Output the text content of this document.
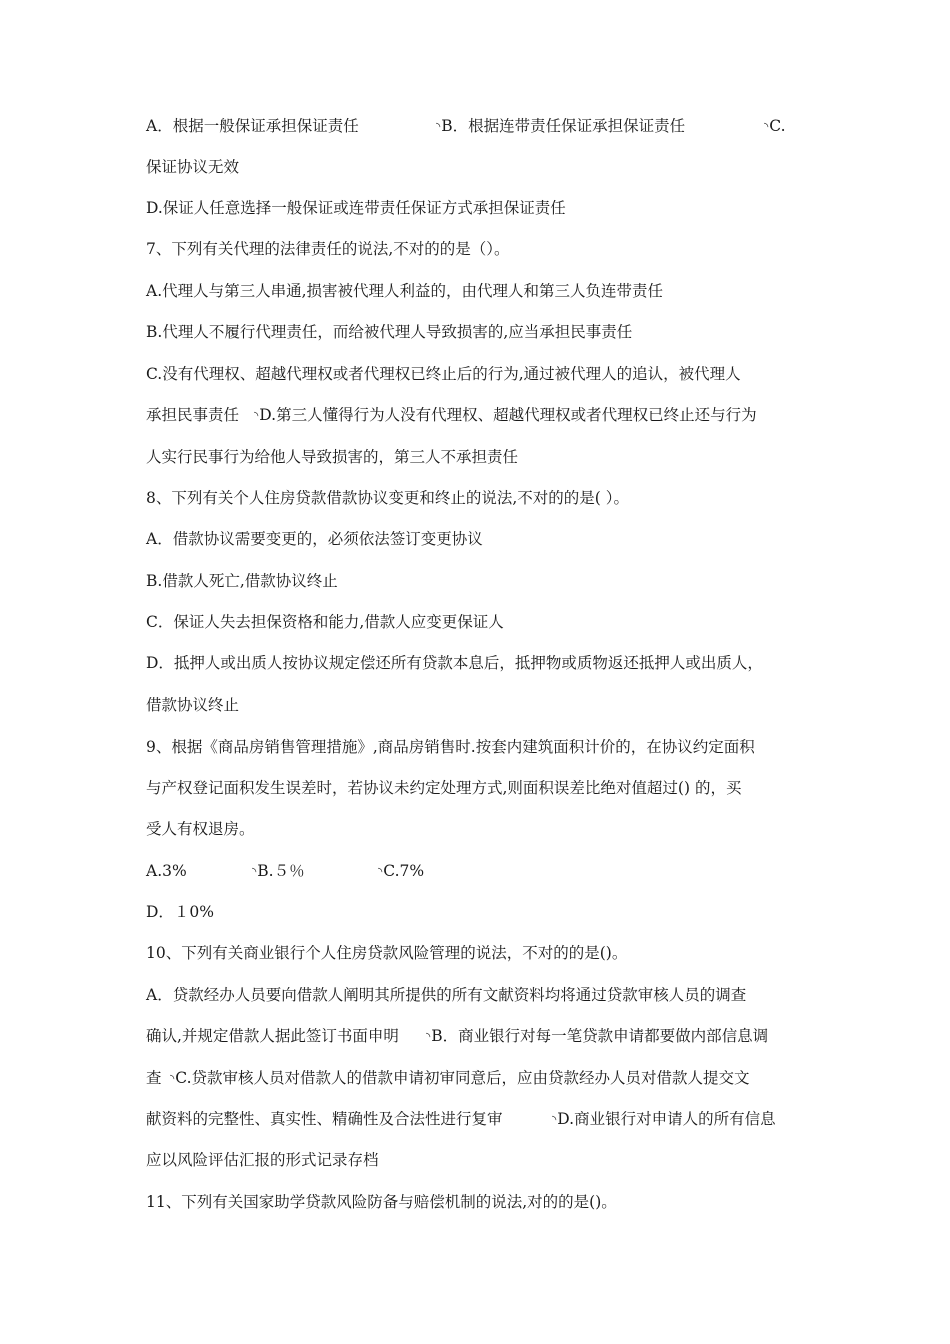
A．根据一般保证承担保证责任	◝B．根据连带责任保证承担保证责任	◝C.
保证协议无效
D.保证人任意选择一般保证或连带责任保证方式承担保证责任
7、下列有关代理的法律责任的说法,不对的的是（）。
A.代理人与第三人串通,损害被代理人利益的，由代理人和第三人负连带责任
B.代理人不履行代理责任，而给被代理人导致损害的,应当承担民事责任
C.没有代理权、超越代理权或者代理权已终止后的行为,通过被代理人的追认，被代理人
承担民事责任 ◝D.第三人懂得行为人没有代理权、超越代理权或者代理权已终止还与行为
人实行民事行为给他人导致损害的，第三人不承担责任
8、下列有关个人住房贷款借款协议变更和终止的说法,不对的的是( ）。
A．借款协议需要变更的，必须依法签订变更协议
B.借款人死亡,借款协议终止
C．保证人失去担保资格和能力,借款人应变更保证人
D．抵押人或出质人按协议规定偿还所有贷款本息后，抵押物或质物返还抵押人或出质人，
借款协议终止
9、根据《商品房销售管理措施》,商品房销售时.按套内建筑面积计价的，在协议约定面积
与产权登记面积发生误差时，若协议未约定处理方式,则面积误差比绝对值超过() 的，买
受人有权退房。
A.3%	◝B.５％	◝C.7%
D．１0%
10、下列有关商业银行个人住房贷款风险管理的说法，不对的的是()。
A．贷款经办人员要向借款人阐明其所提供的所有文献资料均将通过贷款审核人员的调查
确认,并规定借款人据此签订书面申明 ◝B．商业银行对每一笔贷款申请都要做内部信息调
查 ◝C.贷款审核人员对借款人的借款申请初审同意后，应由贷款经办人员对借款人提交文
献资料的完整性、真实性、精确性及合法性进行复审	◝D.商业银行对申请人的所有信息
应以风险评估汇报的形式记录存档
11、下列有关国家助学贷款风险防备与赔偿机制的说法,对的的是()。
